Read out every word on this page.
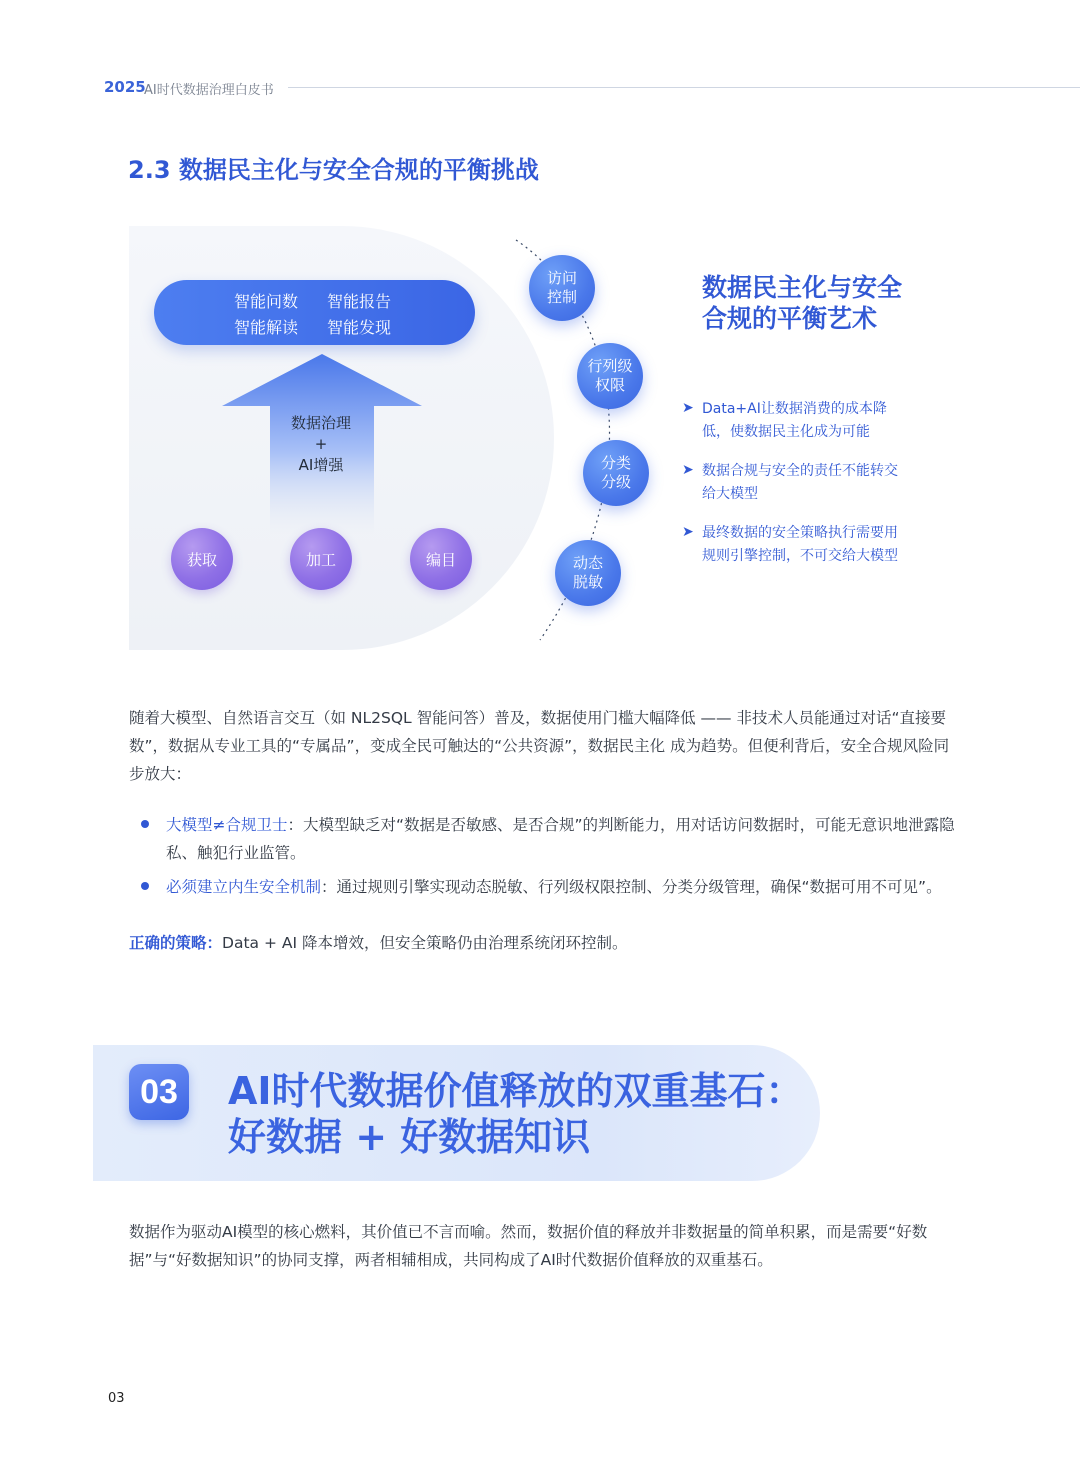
2025
AI时代数据治理白皮书
2.3 数据民主化与安全合规的平衡挑战
智能问数 智能报告
智能解读 智能发现
数据治理
+
AI增强
获取	加工	编目
访问
控制
行列级
权限
分类
分级
动态
脱敏
数据民主化与安全
合规的平衡艺术
➤ Data+AI让数据消费的成本降
低，使数据民主化成为可能
➤ 数据合规与安全的责任不能转交
给大模型
➤ 最终数据的安全策略执行需要用
规则引擎控制，不可交给大模型
随着大模型、自然语言交互（如 NL2SQL 智能问答）普及，数据使用门槛大幅降低 —— 非技术人员能通过对话“直接要数”，数据从专业工具的“专属品”，变成全民可触达的“公共资源”，数据民主化 成为趋势。但便利背后，安全合规风险同步放大：
大模型≠合规卫士：大模型缺乏对“数据是否敏感、是否合规”的判断能力，用对话访问数据时，可能无意识地泄露隐私、触犯行业监管。
必须建立内生安全机制：通过规则引擎实现动态脱敏、行列级权限控制、分类分级管理，确保“数据可用不可见”。
正确的策略：Data + AI 降本增效，但安全策略仍由治理系统闭环控制。
03 AI时代数据价值释放的双重基石：
好数据 + 好数据知识
数据作为驱动AI模型的核心燃料，其价值已不言而喻。然而，数据价值的释放并非数据量的简单积累，而是需要“好数据”与“好数据知识”的协同支撑，两者相辅相成，共同构成了AI时代数据价值释放的双重基石。
03
